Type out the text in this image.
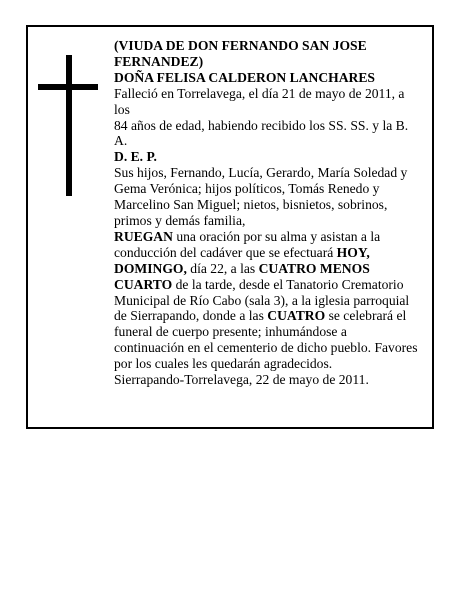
(VIUDA DE DON FERNANDO SAN JOSE

FERNANDEZ)

DOÑA FELISA CALDERON LANCHARES

Falleció en Torrelavega, el día 21 de mayo de 2011, a

los

84 años de edad, habiendo recibido los SS. SS. y la B.

A.

D. E. P.

Sus hijos, Fernando, Lucía, Gerardo, María Soledad y

Gema Verónica; hijos políticos, Tomás Renedo y

Marcelino San Miguel; nietos, bisnietos, sobrinos,

primos y demás familia,

RUEGAN una oración por su alma y asistan a la

conducción del cadáver que se efectuará HOY,

DOMINGO, día 22, a las CUATRO MENOS

CUARTO de la tarde, desde el Tanatorio Crematorio

Municipal de Río Cabo (sala 3), a la iglesia parroquial

de Sierrapando, donde a las CUATRO se celebrará el

funeral de cuerpo presente; inhumándose a

continuación en el cementerio de dicho pueblo. Favores

por los cuales les quedarán agradecidos.

Sierrapando-Torrelavega, 22 de mayo de 2011.
